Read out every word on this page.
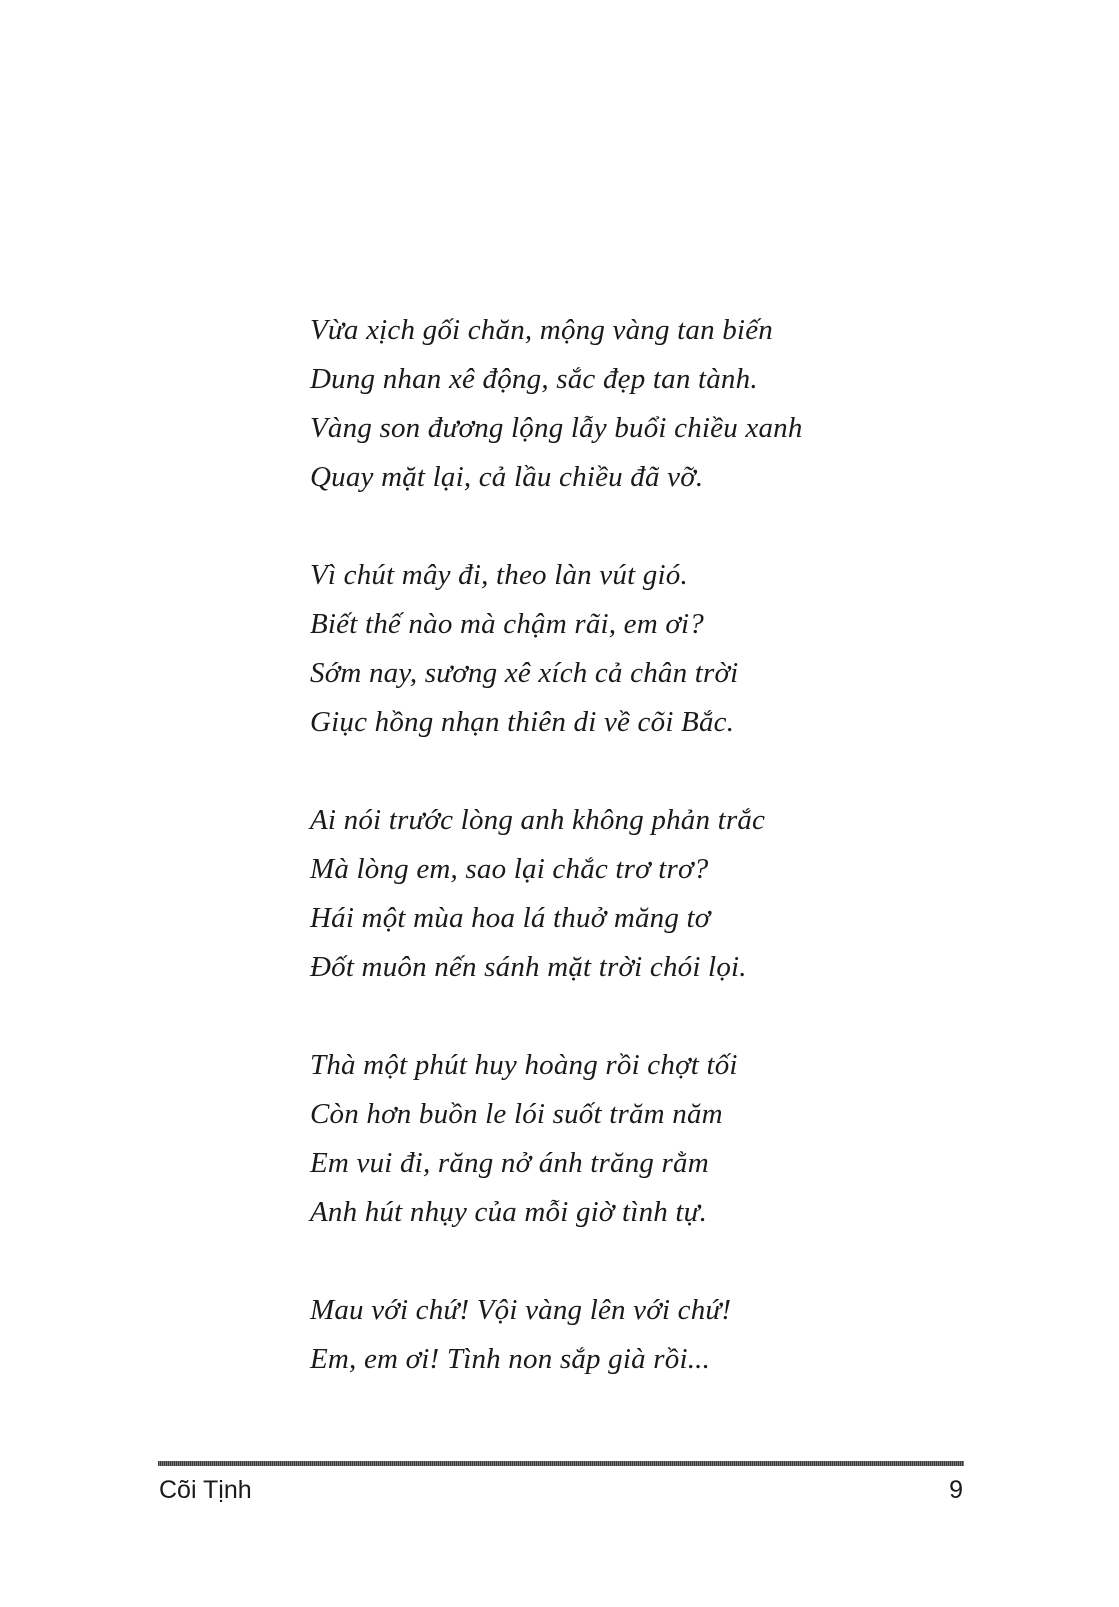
Vừa xịch gối chăn, mộng vàng tan biến
Dung nhan xê động, sắc đẹp tan tành.
Vàng son đương lộng lẫy buổi chiều xanh
Quay mặt lại, cả lầu chiều đã vỡ.
Vì chút mây đi, theo làn vút gió.
Biết thế nào mà chậm rãi, em ơi?
Sớm nay, sương xê xích cả chân trời
Giục hồng nhạn thiên di về cõi Bắc.
Ai nói trước lòng anh không phản trắc
Mà lòng em, sao lại chắc trơ trơ?
Hái một mùa hoa lá thuở măng tơ
Đốt muôn nến sánh mặt trời chói lọi.
Thà một phút huy hoàng rồi chợt tối
Còn hơn buồn le lói suốt trăm năm
Em vui đi, răng nở ánh trăng rằm
Anh hút nhụy của mỗi giờ tình tự.
Mau với chứ! Vội vàng lên với chứ!
Em, em ơi! Tình non sắp già rồi...
Cõi Tịnh	9
